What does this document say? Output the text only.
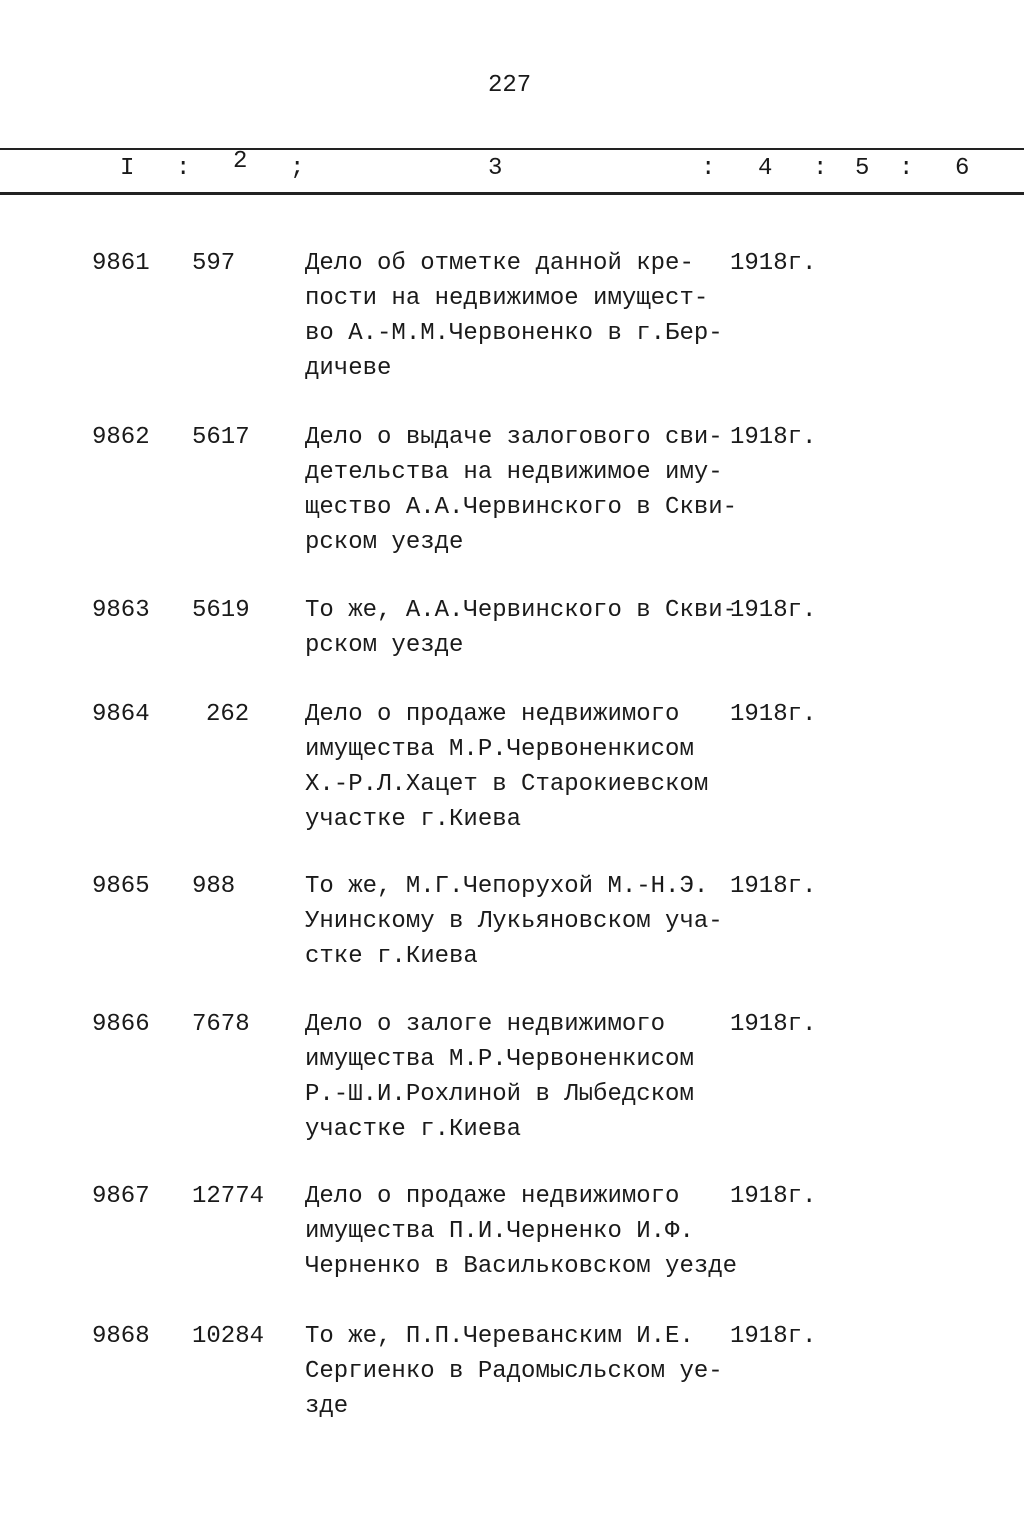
227
I : 2 ;	3	: 4 : 5 : 6
9861 597	Дело об отметке данной кре-
пости на недвижимое имущест-
во А.-М.М.Червоненко в г.Бер-
дичеве
1918г.
9862 5617 Дело о выдаче залогового сви-
детельства на недвижимое иму-
щество А.А.Червинского в Скви-
рском уезде
1918г.
9863 5619 То же, А.А.Червинского в Скви-
рском уезде
1918г.
9864 262 Дело о продаже недвижимого
имущества М.Р.Червоненкисом
Х.-Р.Л.Хацет в Старокиевском
участке г.Киева
1918г.
9865 988	То же, М.Г.Чепорухой М.-Н.Э.
Унинскому в Лукьяновском уча-
стке г.Киева
1918г.
9866 7678 Дело о залоге недвижимого
имущества М.Р.Червоненкисом
Р.-Ш.И.Рохлиной в Лыбедском
участке г.Киева
1918г.
9867 12774 Дело о продаже недвижимого
имущества П.И.Черненко И.Ф.
Черненко в Васильковском уезде
1918г.
9868 10284 То же, П.П.Черeванским И.Е.
Сергиенко в Радомысльском уе-
зде
1918г.
